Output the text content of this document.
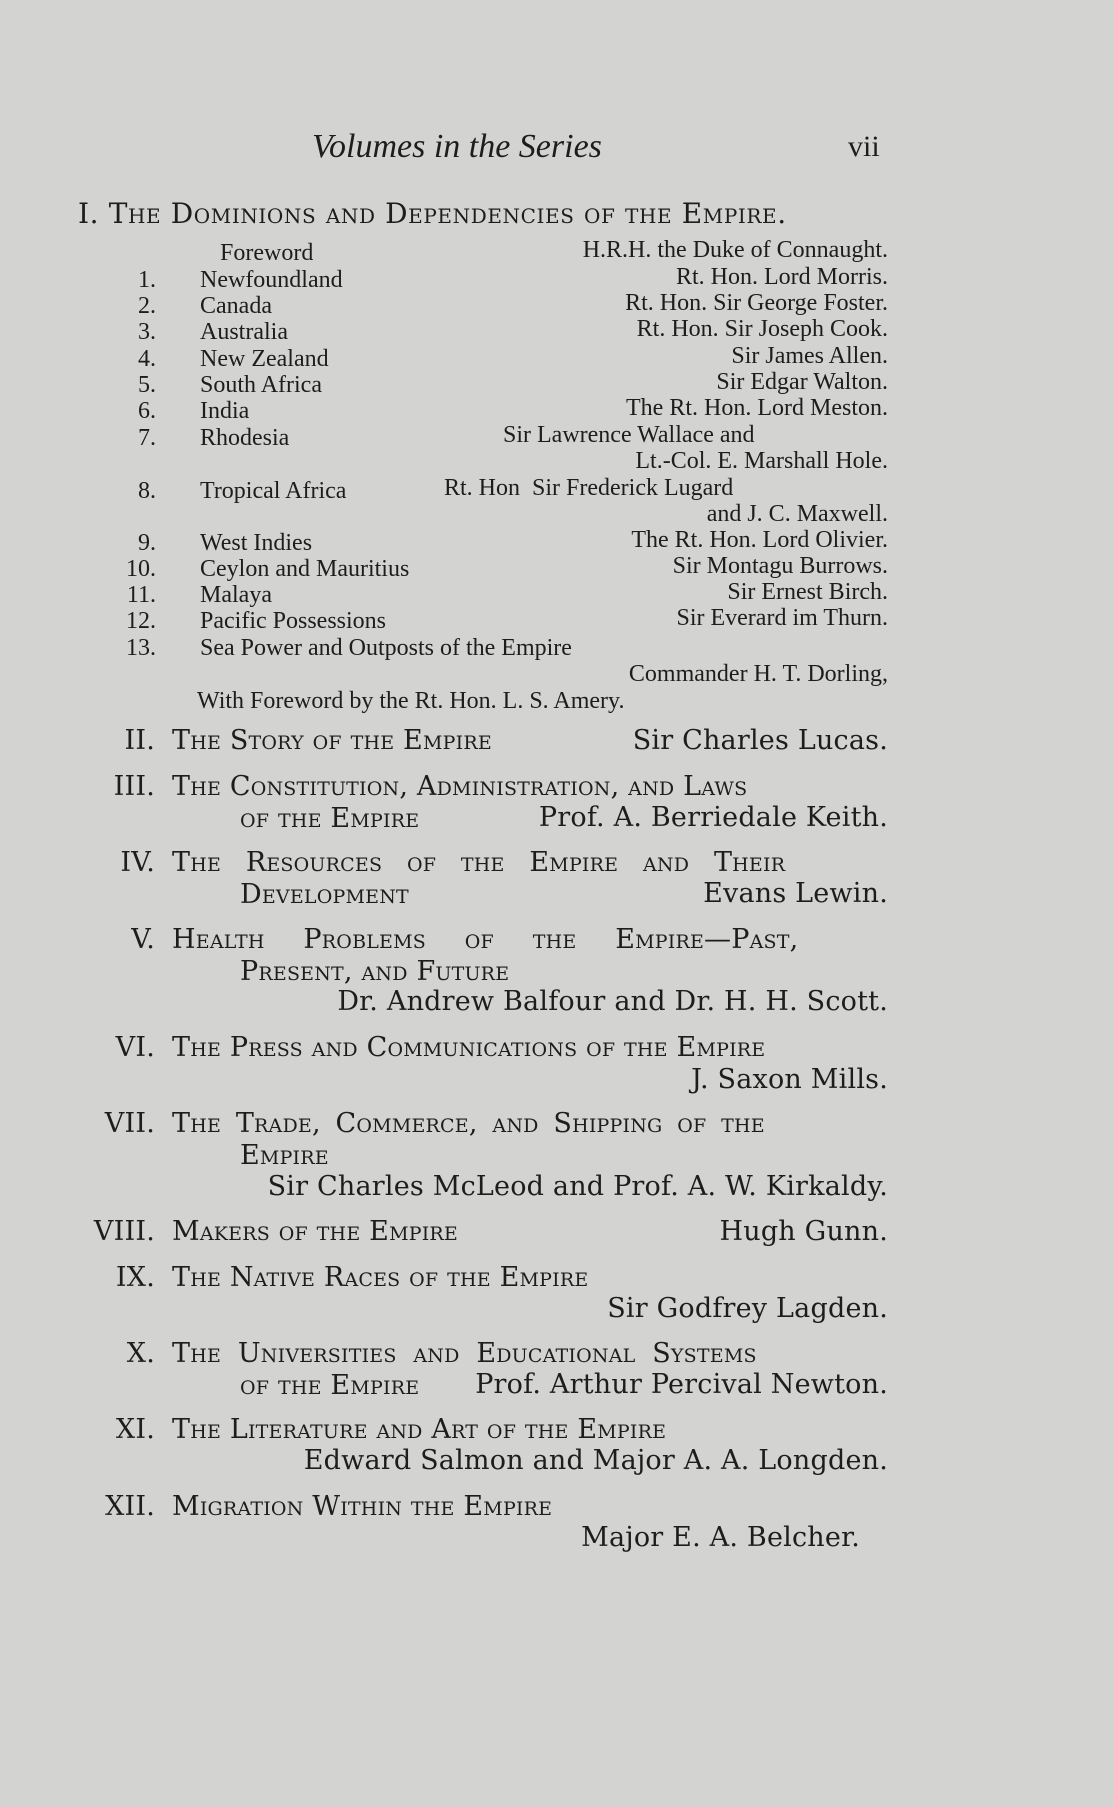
Volumes in the Series	vii
I. The Dominions and Dependencies of the Empire.
Foreword	H.R.H. the Duke of Connaught.
1. Newfoundland	Rt. Hon. Lord Morris.
2. Canada	Rt. Hon. Sir George Foster.
3. Australia	Rt. Hon. Sir Joseph Cook.
4. New Zealand	Sir James Allen.
5. South Africa	Sir Edgar Walton.
6. India	The Rt. Hon. Lord Meston.
7. Rhodesia	Sir Lawrence Wallace and
Lt.-Col. E. Marshall Hole.
8. Tropical Africa	Rt. Hon  Sir Frederick Lugard
and J. C. Maxwell.
9. West Indies	The Rt. Hon. Lord Olivier.
10. Ceylon and Mauritius	Sir Montagu Burrows.
11. Malaya	Sir Ernest Birch.
12. Pacific Possessions	Sir Everard im Thurn.
13. Sea Power and Outposts of the Empire
Commander H. T. Dorling,
With Foreword by the Rt. Hon. L. S. Amery.
II. The Story of the Empire	Sir Charles Lucas.
III. The Constitution, Administration, and Laws
of the Empire	Prof. A. Berriedale Keith.
IV. The Resources of the Empire and Their
Development	Evans Lewin.
V. Health Problems of the Empire—Past,
Present, and Future
Dr. Andrew Balfour and Dr. H. H. Scott.
VI. The Press and Communications of the Empire
J. Saxon Mills.
VII. The Trade, Commerce, and Shipping of the
Empire
Sir Charles McLeod and Prof. A. W. Kirkaldy.
VIII. Makers of the Empire	Hugh Gunn.
IX. The Native Races of the Empire
Sir Godfrey Lagden.
X. The Universities and Educational Systems
of the Empire Prof. Arthur Percival Newton.
XI. The Literature and Art of the Empire
Edward Salmon and Major A. A. Longden.
XII. Migration Within the Empire
Major E. A. Belcher.
